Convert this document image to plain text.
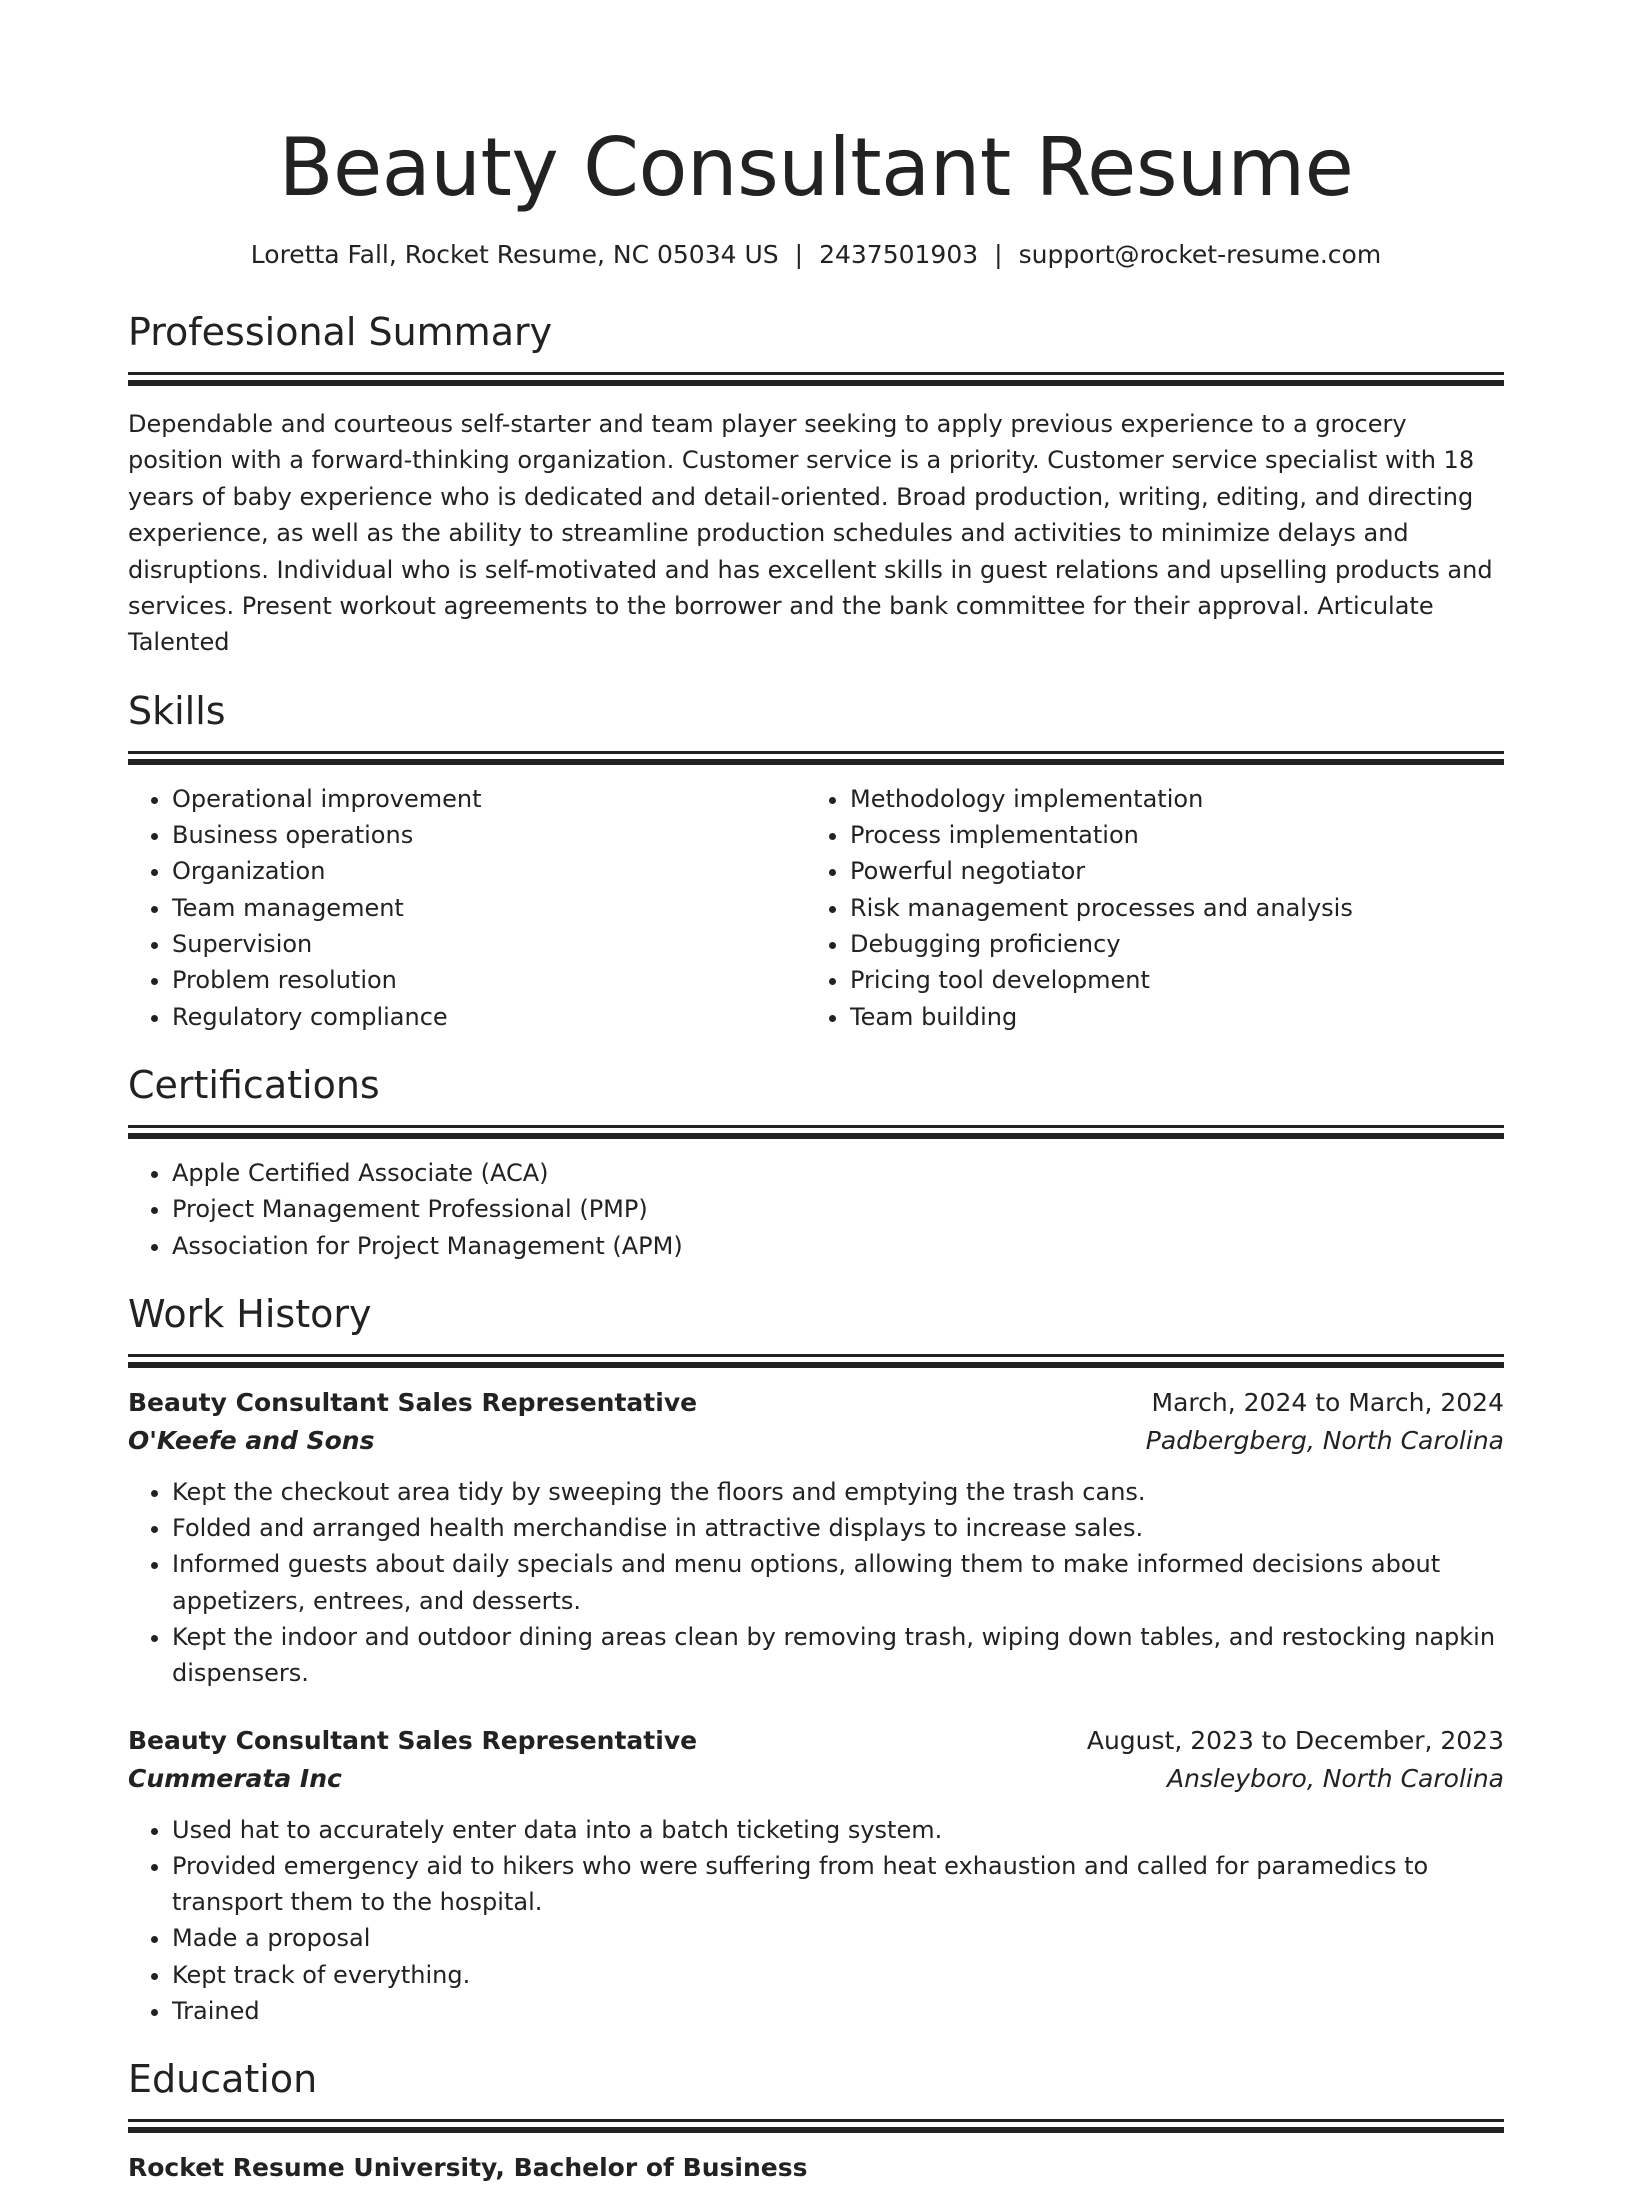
Beauty Consultant Resume
Loretta Fall, Rocket Resume, NC 05034 US | 2437501903 | support@rocket-resume.com
Professional Summary
Dependable and courteous self-starter and team player seeking to apply previous experience to a grocery position with a forward-thinking organization. Customer service is a priority. Customer service specialist with 18 years of baby experience who is dedicated and detail-oriented. Broad production, writing, editing, and directing experience, as well as the ability to streamline production schedules and activities to minimize delays and disruptions. Individual who is self-motivated and has excellent skills in guest relations and upselling products and services. Present workout agreements to the borrower and the bank committee for their approval. Articulate Talented
Skills
• Operational improvement
• Business operations
• Organization
• Team management
• Supervision
• Problem resolution
• Regulatory compliance
• Methodology implementation
• Process implementation
• Powerful negotiator
• Risk management processes and analysis
• Debugging proficiency
• Pricing tool development
• Team building
Certifications
• Apple Certified Associate (ACA)
• Project Management Professional (PMP)
• Association for Project Management (APM)
Work History
Beauty Consultant Sales Representative	March, 2024 to March, 2024
O'Keefe and Sons	Padbergberg, North Carolina
• Kept the checkout area tidy by sweeping the floors and emptying the trash cans.
• Folded and arranged health merchandise in attractive displays to increase sales.
• Informed guests about daily specials and menu options, allowing them to make informed decisions about appetizers, entrees, and desserts.
• Kept the indoor and outdoor dining areas clean by removing trash, wiping down tables, and restocking napkin dispensers.
Beauty Consultant Sales Representative	August, 2023 to December, 2023
Cummerata Inc	Ansleyboro, North Carolina
• Used hat to accurately enter data into a batch ticketing system.
• Provided emergency aid to hikers who were suffering from heat exhaustion and called for paramedics to transport them to the hospital.
• Made a proposal
• Kept track of everything.
• Trained
Education
Rocket Resume University, Bachelor of Business
